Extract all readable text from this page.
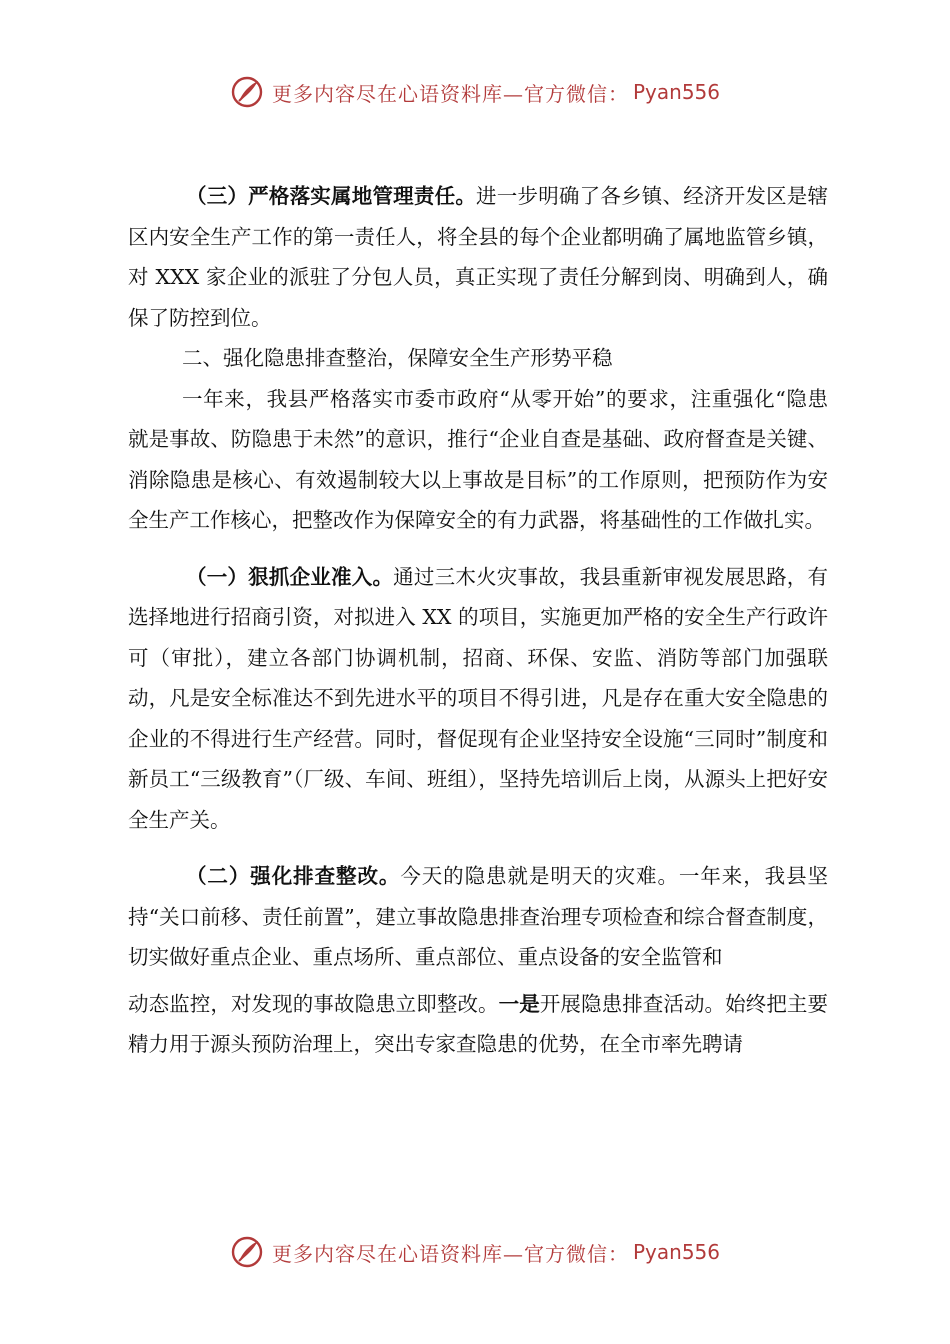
更多内容尽在心语资料库—官方微信： Pyan556

（三）严格落实属地管理责任。进一步明确了各乡镇、经济开发区是辖区内安全生产工作的第一责任人，将全县的每个企业都明确了属地监管乡镇，对 XXX 家企业的派驻了分包人员，真正实现了责任分解到岗、明确到人，确保了防控到位。

二、强化隐患排查整治，保障安全生产形势平稳

一年来，我县严格落实市委市政府“从零开始”的要求，注重强化“隐患就是事故、防隐患于未然”的意识，推行“企业自查是基础、政府督查是关键、消除隐患是核心、有效遏制较大以上事故是目标”的工作原则，把预防作为安全生产工作核心，把整改作为保障安全的有力武器，将基础性的工作做扎实。

（一）狠抓企业准入。通过三木火灾事故，我县重新审视发展思路，有选择地进行招商引资，对拟进入 XX 的项目，实施更加严格的安全生产行政许可（审批），建立各部门协调机制，招商、环保、安监、消防等部门加强联动，凡是安全标准达不到先进水平的项目不得引进，凡是存在重大安全隐患的企业的不得进行生产经营。同时，督促现有企业坚持安全设施“三同时”制度和新员工“三级教育”（厂级、车间、班组），坚持先培训后上岗，从源头上把好安全生产关。

（二）强化排查整改。今天的隐患就是明天的灾难。一年来，我县坚持“关口前移、责任前置”，建立事故隐患排查治理专项检查和综合督查制度，切实做好重点企业、重点场所、重点部位、重点设备的安全监管和

动态监控，对发现的事故隐患立即整改。一是开展隐患排查活动。始终把主要精力用于源头预防治理上，突出专家查隐患的优势，在全市率先聘请

更多内容尽在心语资料库—官方微信： Pyan556
